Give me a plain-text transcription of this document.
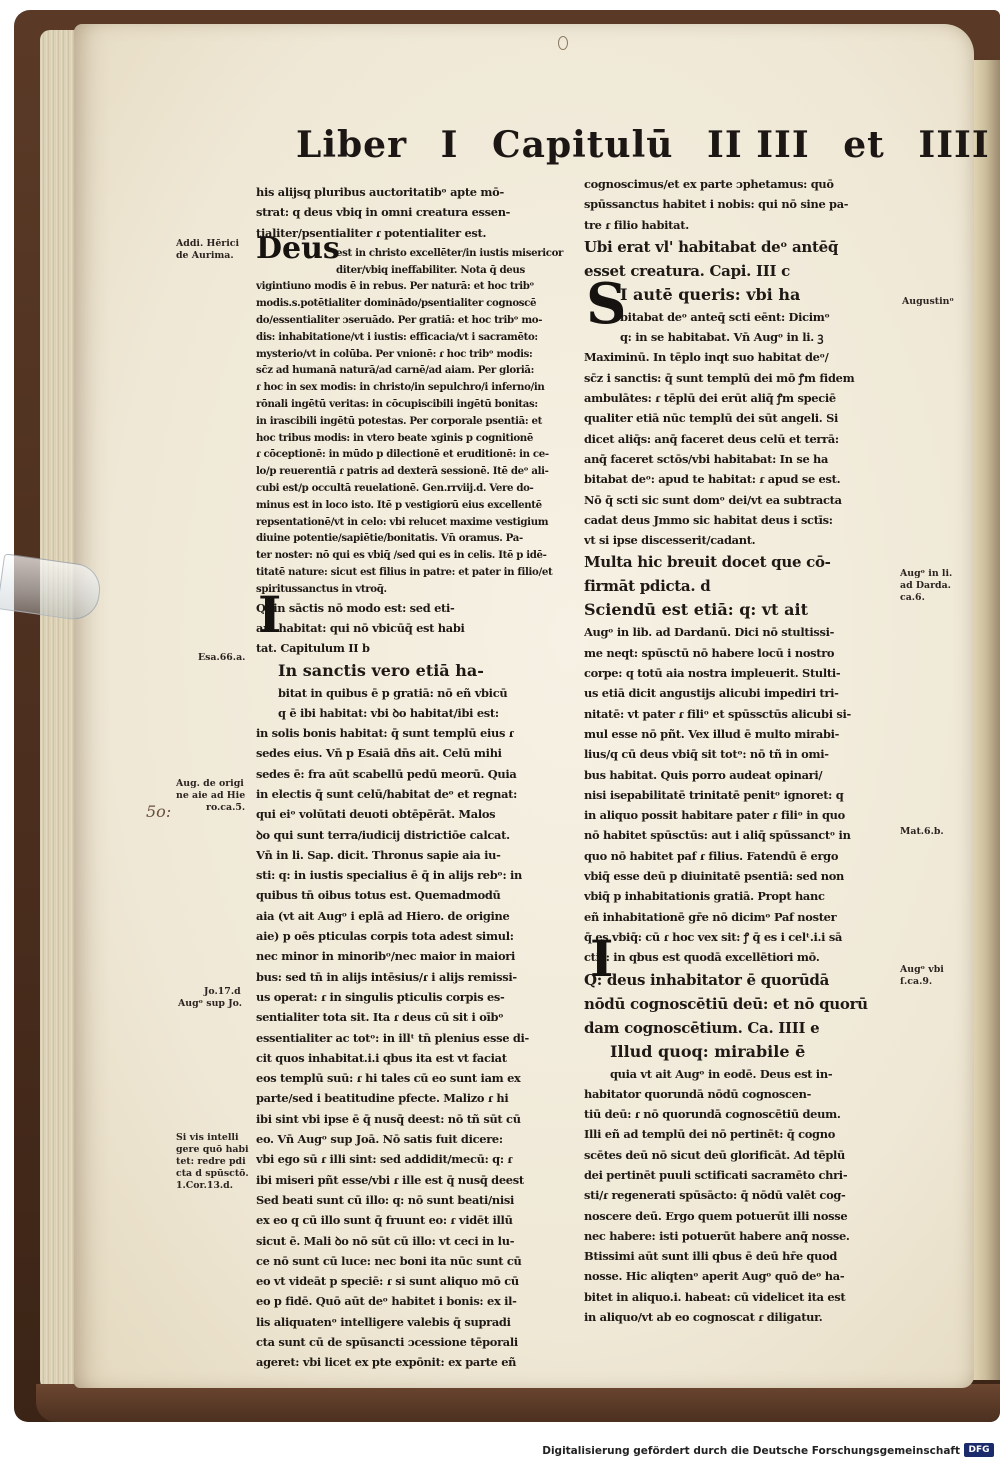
Liber I Capitulū II III et IIII
his alijsq pluribus auctoritatibᵒ apte mō-
strat: q deus vbiq in omni creatura essen-
tialiter/psentialiter ɾ potentialiter est.
est in christo excellēter/in iustis misericor
diter/vbiq ineffabiliter. Nota q̄ deus
vigintiuno modis ē in rebus. Per naturā: et hoc tribᵒ
modis.s.potētialiter dominādo/psentialiter cognoscē
do/essentialiter ɔseruādo. Per gratiā: et hoc tribᵒ mo-
dis: inhabitatione/vt i iustis: efficacia/vt i sacramēto:
mysterio/vt in colūba. Per vnionē: ɾ hoc tribᵒ modis:
sc̄z ad humanā naturā/ad carnē/ad aiam. Per gloriā:
ɾ hoc in sex modis: in christo/in sepulchro/i inferno/in
rōnali ingētū veritas: in cōcupiscibili ingētū bonitas:
in irascibili ingētū potestas. Per corporale psentiā: et
hoc tribus modis: in vtero beate ɤginis p cognitionē
ɾ cōceptionē: in mūdo p dilectionē et eruditionē: in ce-
lo/p reuerentiā ɾ patris ad dexterā sessionē. Itē deᵒ ali-
cubi est/p occultā reuelationē. Gen.rrviij.d. Vere do-
minus est in loco isto. Itē p vestigiorū eius excellentē
repsentationē/vt in celo: vbi relucet maxime vestigium
diuine potentie/sapiētie/bonitatis. Vn̄ oramus. Pa-
ter noster: nō qui es vbiq̄ /sed qui es in celis. Itē p idē-
titatē nature: sicut est filius in patre: et pater in filio/et
spiritussanctus in vtroq̄.
Q: in sāctis nō modo est: sed eti-
am habitat: qui nō vbicūq̄ est habi
tat. Capitulum II b
In sanctis vero etiā ha-
bitat in quibus ē p gratiā: nō eñ vbicū
q ē ibi habitat: vbi ꝺo habitat/ibi est:
in solis bonis habitat: q̄ sunt templū eius ɾ
sedes eius. Vn̄ p Esaiā dn̄s ait. Celū mihi
sedes ē: fra aūt scabellū pedū meorū. Quia
in electis q̄ sunt celū/habitat deᵒ et regnat:
qui eiᵒ volūtati deuoti obtēpērāt. Malos
ꝺo qui sunt terra/iudicij districtiōe calcat.
Vn̄ in li. Sap. dicit. Thronus sapie aia iu-
sti: q: in iustis specialius ē q̄ in alijs rebᵒ: in
quibus tn̄ oibus totus est. Quemadmodū
aia (vt ait Augᵒ i eplā ad Hiero. de origine
aie) p oēs pticulas corpis tota adest simul:
nec minor in minoribᵒ/nec maior in maiori
bus: sed tn̄ in alijs intēsius/ɾ i alijs remissi-
us operat: ɾ in singulis pticulis corpis es-
sentialiter tota sit. Ita ɾ deus cū sit i oībᵒ
essentialiter ac totᵒ: in illᵗ tn̄ plenius esse di-
cit quos inhabitat.i.i qbus ita est vt faciat
eos templū suū: ɾ hi tales cū eo sunt iam ex
parte/sed i beatitudine pfecte. Malizo ɾ hi
ibi sint vbi ipse ē q̄ nusq̄ deest: nō tñ sūt cū
eo. Vn̄ Augᵒ sup Joā. Nō satis fuit dicere:
vbi ego sū ɾ illi sint: sed addidit/mecū: q: ɾ
ibi miseri pñt esse/vbi ɾ ille est q̄ nusq̄ deest
Sed beati sunt cū illo: q: nō sunt beati/nisi
ex eo q cū illo sunt q̄ fruunt eo: ɾ vidēt illū
sicut ē. Mali ꝺo nō sūt cū illo: vt ceci in lu-
ce nō sunt cū luce: nec boni ita nūc sunt cū
eo vt videāt p speciē: ɾ si sunt aliquo mō cū
eo p fidē. Quō aūt deᵒ habitet i bonis: ex il-
lis aliquatenᵒ intelligere valebis q̄ supradi
cta sunt cū de spūsancti ɔcessione tēporali
ageret: vbi licet ex pte expōnit: ex parte eñ
cognoscimus/et ex parte ɔphetamus: quō
spūssanctus habitet i nobis: qui nō sine pa-
tre ɾ filio habitat.
Ubi erat vl' habitabat deᵒ antēq̄
esset creatura. Capi. III c
I autē queris: vbi ha
bitabat deᵒ anteq̄ scti eēnt: Dicimᵒ
q: in se habitabat. Vn̄ Augᵒ in li. ꝫ
Maximinū. In tēplo inqt suo habitat deᵒ/
sc̄z i sanctis: q̄ sunt templū dei mō ꝭm fidem
ambulātes: ɾ tēplū dei erūt aliq̄ ꝭm speciē
qualiter etiā nūc templū dei sūt angeli. Si
dicet aliq̄s: anq̄ faceret deus celū et terrā:
anq̄ faceret sctōs/vbi habitabat: In se ha
bitabat deᵒ: apud te habitat: ɾ apud se est.
Nō q̄ scti sic sunt domᵒ dei/vt ea subtracta
cadat deus Jmmo sic habitat deus i sctīs:
vt si ipse discesserit/cadant.
Multa hic breuit docet que cō-
firmāt pdicta. d
Sciendū est etiā: q: vt ait
Augᵒ in lib. ad Dardanū. Dici nō stultissi-
me neqt: spūsctū nō habere locū i nostro
corpe: q totū aia nostra impleuerit. Stulti-
us etiā dicit angustijs alicubi impediri tri-
nitatē: vt pater ɾ filiᵒ et spūssctūs alicubi si-
mul esse nō pñt. Vex illud ē multo mirabi-
lius/q cū deus vbiq̄ sit totᵒ: nō tñ in omi-
bus habitat. Quis porro audeat opinari/
nisi isepabilitatē trinitatē penitᵒ ignoret: q
in aliquo possit habitare pater ɾ filiᵒ in quo
nō habitet spūsctūs: aut i aliq̄ spūssanctᵒ in
quo nō habitet paf ɾ filius. Fatendū ē ergo
vbiq̄ esse deū p diuinitatē psentiā: sed non
vbiq̄ p inhabitationis gratiā. Propt hanc
eñ inhabitationē gr̄e nō dicimᵒ Paf noster
q̄ es vbiq̄: cū ɾ hoc vex sit: ꝭ q̄ es i celᵗ.i.i sā
ctis: in qbus est quodā excellētiori mō.
Q: deus inhabitator ē quorūdā
nōdū cognoscētiū deū: et nō quorū
dam cognoscētium. Ca. IIII e
Illud quoq: mirabile ē
quia vt ait Augᵒ in eodē. Deus est in-
habitator quorundā nōdū cognoscen-
tiū deū: ɾ nō quorundā cognoscētiū deum.
Illi eñ ad templū dei nō pertinēt: q̄ cogno
scētes deū nō sicut deū glorificāt. Ad tēplū
dei pertinēt puuli sctificati sacramēto chri-
sti/ɾ regenerati spūsācto: q̄ nōdū valēt cog-
noscere deū. Ergo quem potuerūt illi nosse
nec habere: isti potuerūt habere anq̄ nosse.
Btissimi aūt sunt illi qbus ē deū hr̄e quod
nosse. Hic aliqtenᵒ aperit Augᵒ quō deᵒ ha-
bitet in aliquo.i. habeat: cū videlicet ita est
in aliquo/vt ab eo cognoscat ɾ diligatur.
Deus
I
S
I
Addi. Hērici
de Aurima.
Esa.66.a.
Aug. de origi
ne aie ad Hie
ro.ca.5.
5o:
Jo.17.d
Augᵒ sup Jo.
Si vis intelli
gere quō habi
tet: redre pdi
cta d spūsctō.
1.Cor.13.d.
Augustinᵒ
Augᵒ in li.
ad Darda.
ca.6.
Mat.6.b.
Augᵒ vbi
ſ.ca.9.
Digitalisierung gefördert durch die Deutsche Forschungsgemeinschaft DFG
